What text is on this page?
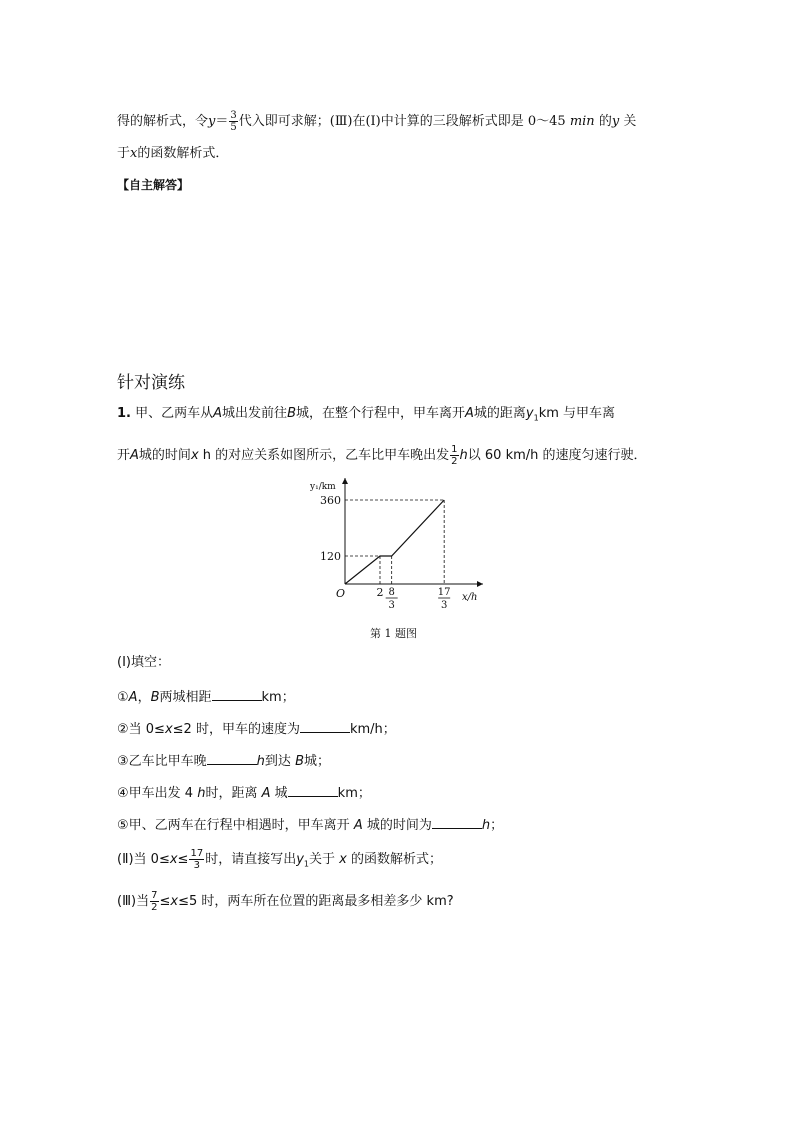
得的解析式，令$y= \frac{3}{5}$ 代入即可求解；(Ⅲ)在(Ⅰ)中计算的三段解析式即是 0～45 min 的y 关
于x的函数解析式．
【自主解答】
针对演练
1. 甲、乙两车从A城出发前往B城，在整个行程中，甲车离开A城的距离$y_1km$ 与甲车离
开A城的时间x h 的对应关系如图所示，乙车比甲车晚出发 $\frac{1}{2}$ h以 60 km/h 的速度匀速行驶．
y₁/km
x/h
O
120
360
2 8
3
17
3
第 1 题图
(Ⅰ)填空：
①A，B两城相距	km；
②当 0≤x≤2 时，甲车的速度为	km/h；
③乙车比甲车晚	h到达 B城；
④甲车出发 4 h时，距离 A 城	km；
⑤甲、乙两车在行程中相遇时，甲车离开 A 城的时间为	h；
(Ⅱ)当 $0\le x\le \frac{17}{3}$ 时，请直接写出$y_1$关于 x 的函数解析式；
(Ⅲ)当 $\frac{7}{2} \le x\le 5$ 时，两车所在位置的距离最多相差多少 km?
